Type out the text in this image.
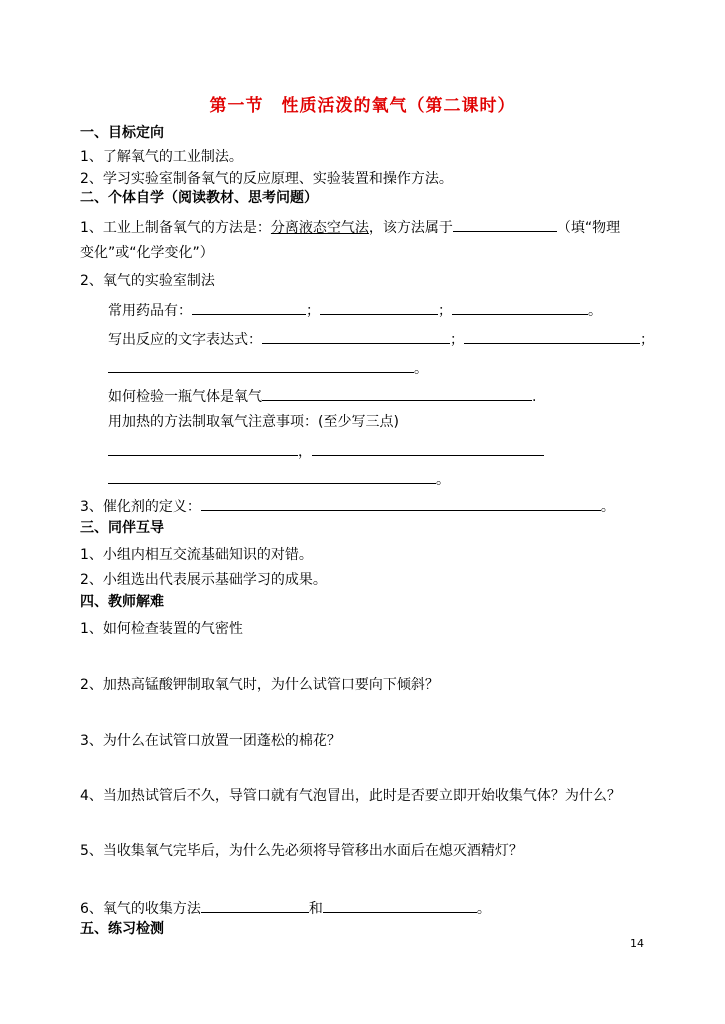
第一节　性质活泼的氧气（第二课时）
一、目标定向
1、了解氧气的工业制法。
2、学习实验室制备氧气的反应原理、实验装置和操作方法。
二、个体自学（阅读教材、思考问题）
1、工业上制备氧气的方法是：分离液态空气法，该方法属于	（填“物理
变化”或“化学变化”）
2、氧气的实验室制法
常用药品有：	；	；	。
写出反应的文字表达式：	；	；
。
如何检验一瓶气体是氧气	.
用加热的方法制取氧气注意事项：(至少写三点)
，
。
3、催化剂的定义：	。
三、同伴互导
1、小组内相互交流基础知识的对错。
2、小组选出代表展示基础学习的成果。
四、教师解难
1、如何检查装置的气密性
2、加热高锰酸钾制取氧气时，为什么试管口要向下倾斜？
3、为什么在试管口放置一团蓬松的棉花？
4、当加热试管后不久，导管口就有气泡冒出，此时是否要立即开始收集气体？为什么？
5、当收集氧气完毕后，为什么先必须将导管移出水面后在熄灭酒精灯？
6、氧气的收集方法	和	。
五、练习检测
14
